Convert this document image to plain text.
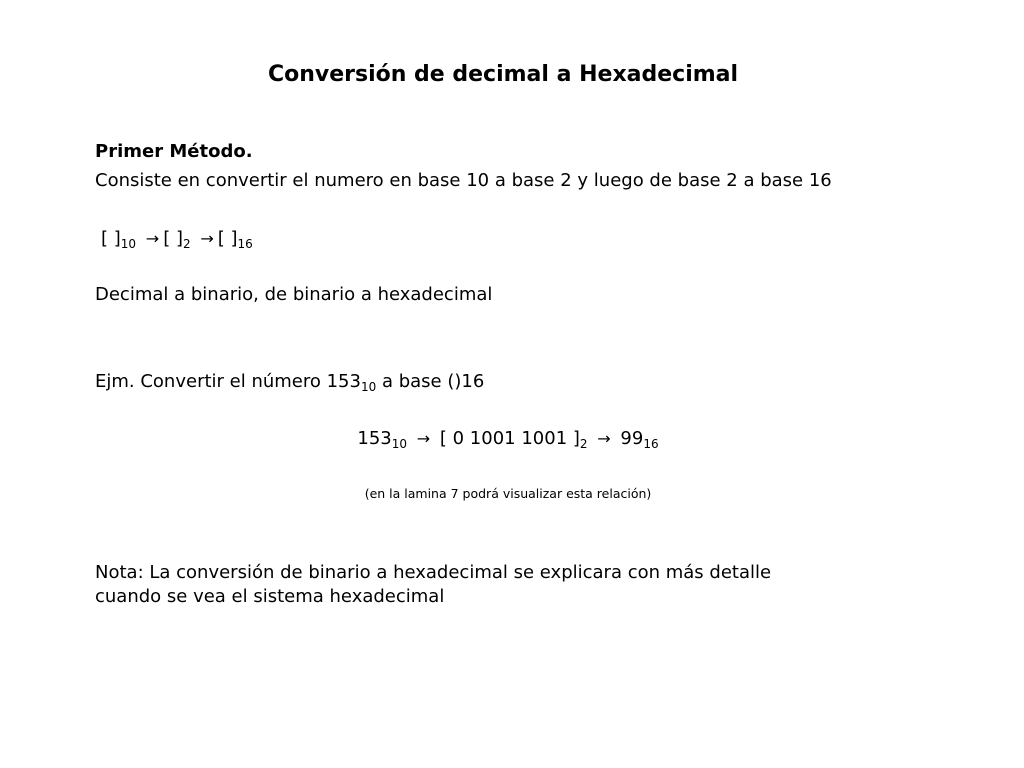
Conversión de decimal a Hexadecimal

Primer Método.

Consiste en convertir el numero en base 10 a base 2 y luego de base 2 a base 16

[ ]$_{10}$ → [ ]$_2$ → [ ]$_{16}$

Decimal a binario, de binario a hexadecimal

Ejm. Convertir el número $153_{10}$ a base ()16

$153_{10}$ → [ 0 1001 1001 ]$_2 \to 99_{16}$

(en la lamina 7 podrá visualizar esta relación)

Nota: La conversión de binario a hexadecimal se explicara con más detalle

cuando se vea el sistema hexadecimal
